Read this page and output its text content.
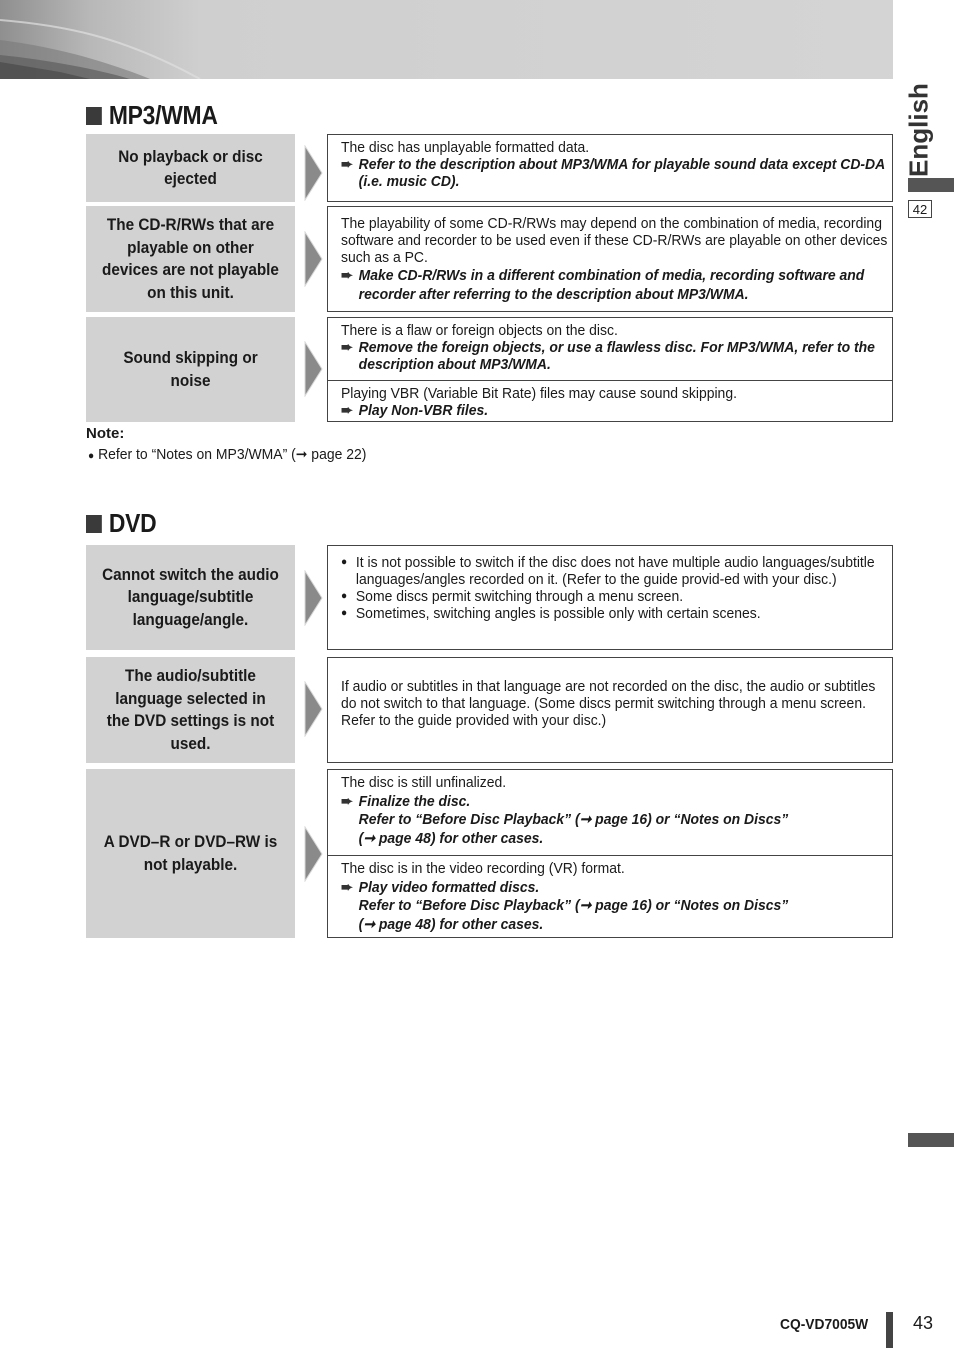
English
42
MP3/WMA
No playback or disc ejected
The disc has unplayable formatted data.
➨ Refer to the description about MP3/WMA for playable sound data except CD-DA (i.e. music CD).
The CD-R/RWs that are playable on other devices are not playable on this unit.
The playability of some CD-R/RWs may depend on the combination of media, recording software and recorder to be used even if these CD-R/RWs are playable on other devices such as a PC.
➨ Make CD-R/RWs in a different combination of media, recording software and recorder after referring to the description about MP3/WMA.
Sound skipping or noise
There is a flaw or foreign objects on the disc.
➨ Remove the foreign objects, or use a flawless disc. For MP3/WMA, refer to the description about MP3/WMA.
Playing VBR (Variable Bit Rate) files may cause sound skipping.
➨ Play Non-VBR files.
Note:
● Refer to “Notes on MP3/WMA” (➞ page 22)
DVD
Cannot switch the audio language/subtitle language/angle.
● It is not possible to switch if the disc does not have multiple audio languages/subtitle languages/angles recorded on it. (Refer to the guide provid-ed with your disc.)
● Some discs permit switching through a menu screen.
● Sometimes, switching angles is possible only with certain scenes.
The audio/subtitle language selected in the DVD settings is not used.
If audio or subtitles in that language are not recorded on the disc, the audio or subtitles do not switch to that language. (Some discs permit switching through a menu screen. Refer to the guide provided with your disc.)
A DVD–R or DVD–RW is not playable.
The disc is still unfinalized.
➨ Finalize the disc.
Refer to “Before Disc Playback” (➞ page 16) or “Notes on Discs”
(➞ page 48) for other cases.
The disc is in the video recording (VR) format.
➨ Play video formatted discs.
Refer to “Before Disc Playback” (➞ page 16) or “Notes on Discs”
(➞ page 48) for other cases.
CQ-VD7005W 43
